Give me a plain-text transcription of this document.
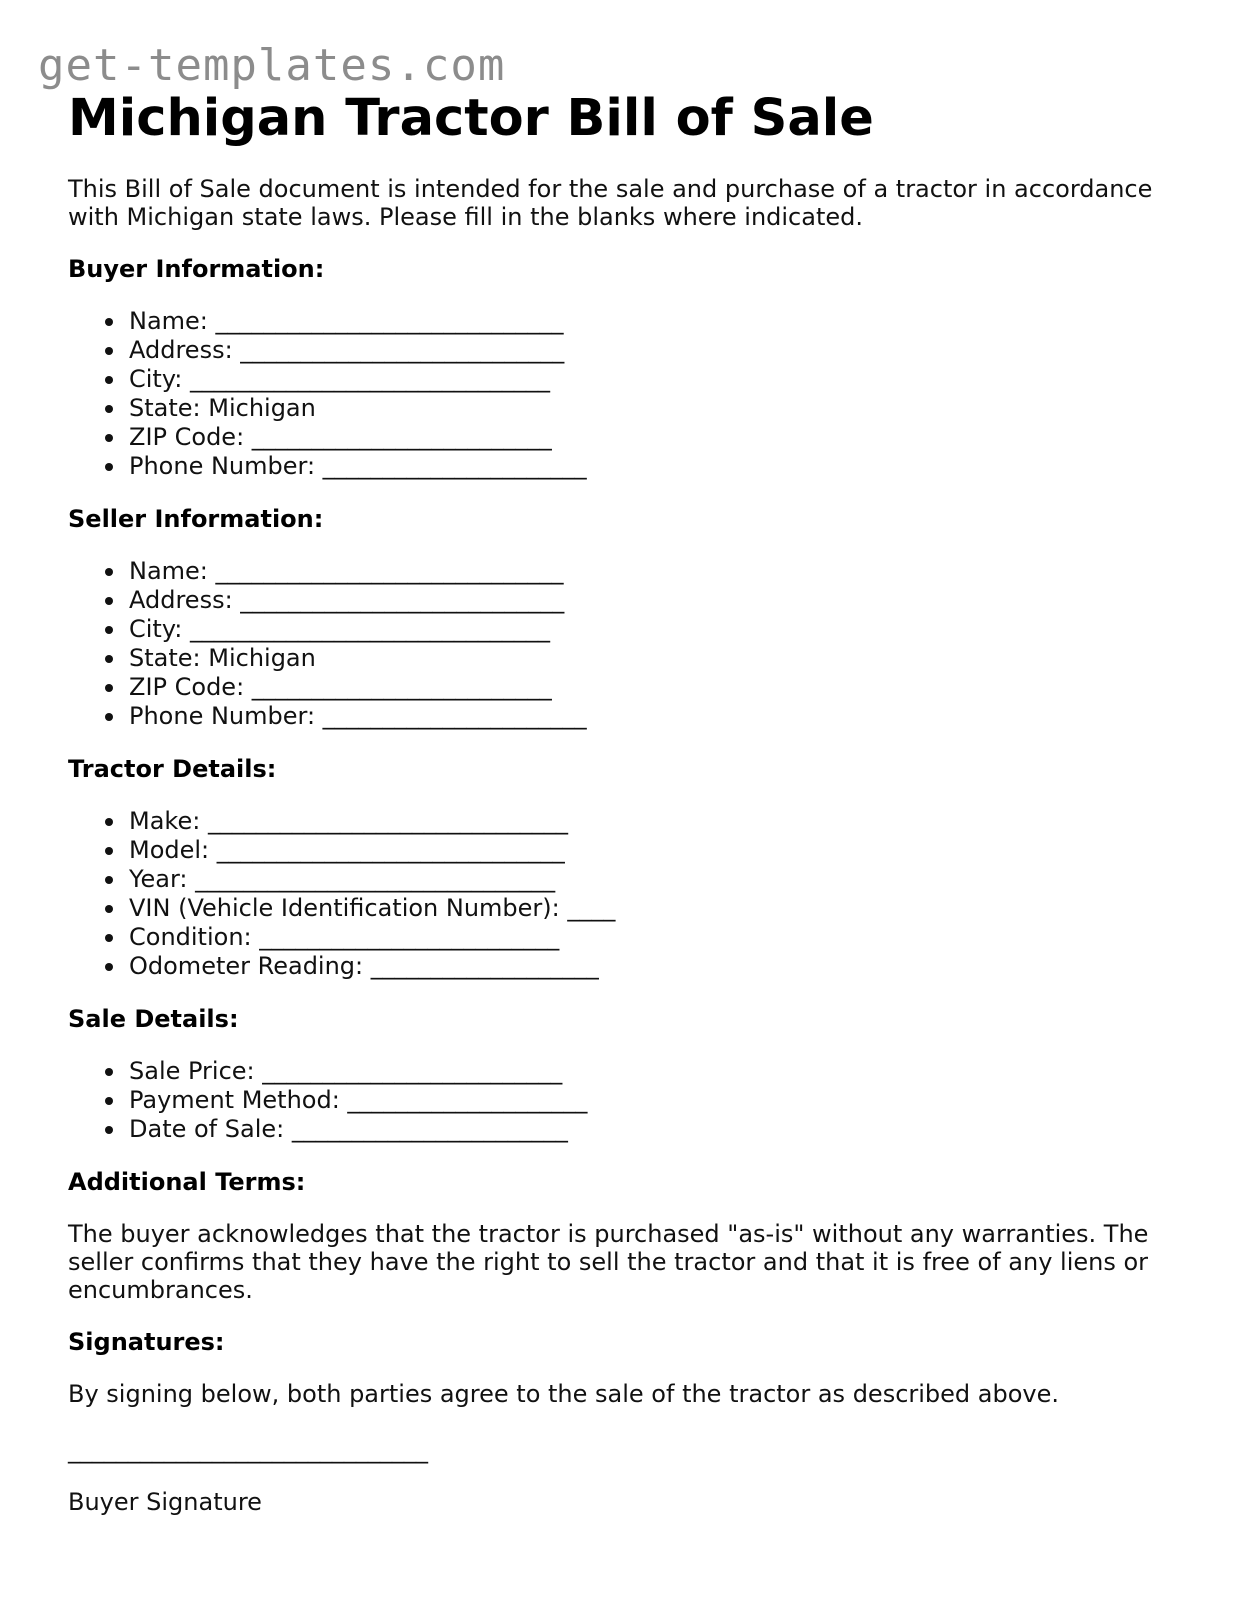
get-templates.com
Michigan Tractor Bill of Sale

This Bill of Sale document is intended for the sale and purchase of a tractor in accordance with Michigan state laws. Please fill in the blanks where indicated.

Buyer Information:
Name: _____________________________
Address: ___________________________
City: ______________________________
State: Michigan
ZIP Code: _________________________
Phone Number: ______________________
Seller Information:
Name: _____________________________
Address: ___________________________
City: ______________________________
State: Michigan
ZIP Code: _________________________
Phone Number: ______________________
Tractor Details:
Make: ______________________________
Model: _____________________________
Year: ______________________________
VIN (Vehicle Identification Number): ____
Condition: _________________________
Odometer Reading: ___________________
Sale Details:
Sale Price: _________________________
Payment Method: ____________________
Date of Sale: _______________________
Additional Terms:

The buyer acknowledges that the tractor is purchased "as-is" without any warranties. The seller confirms that they have the right to sell the tractor and that it is free of any liens or encumbrances.

Signatures:

By signing below, both parties agree to the sale of the tractor as described above.

______________________________
Buyer Signature
